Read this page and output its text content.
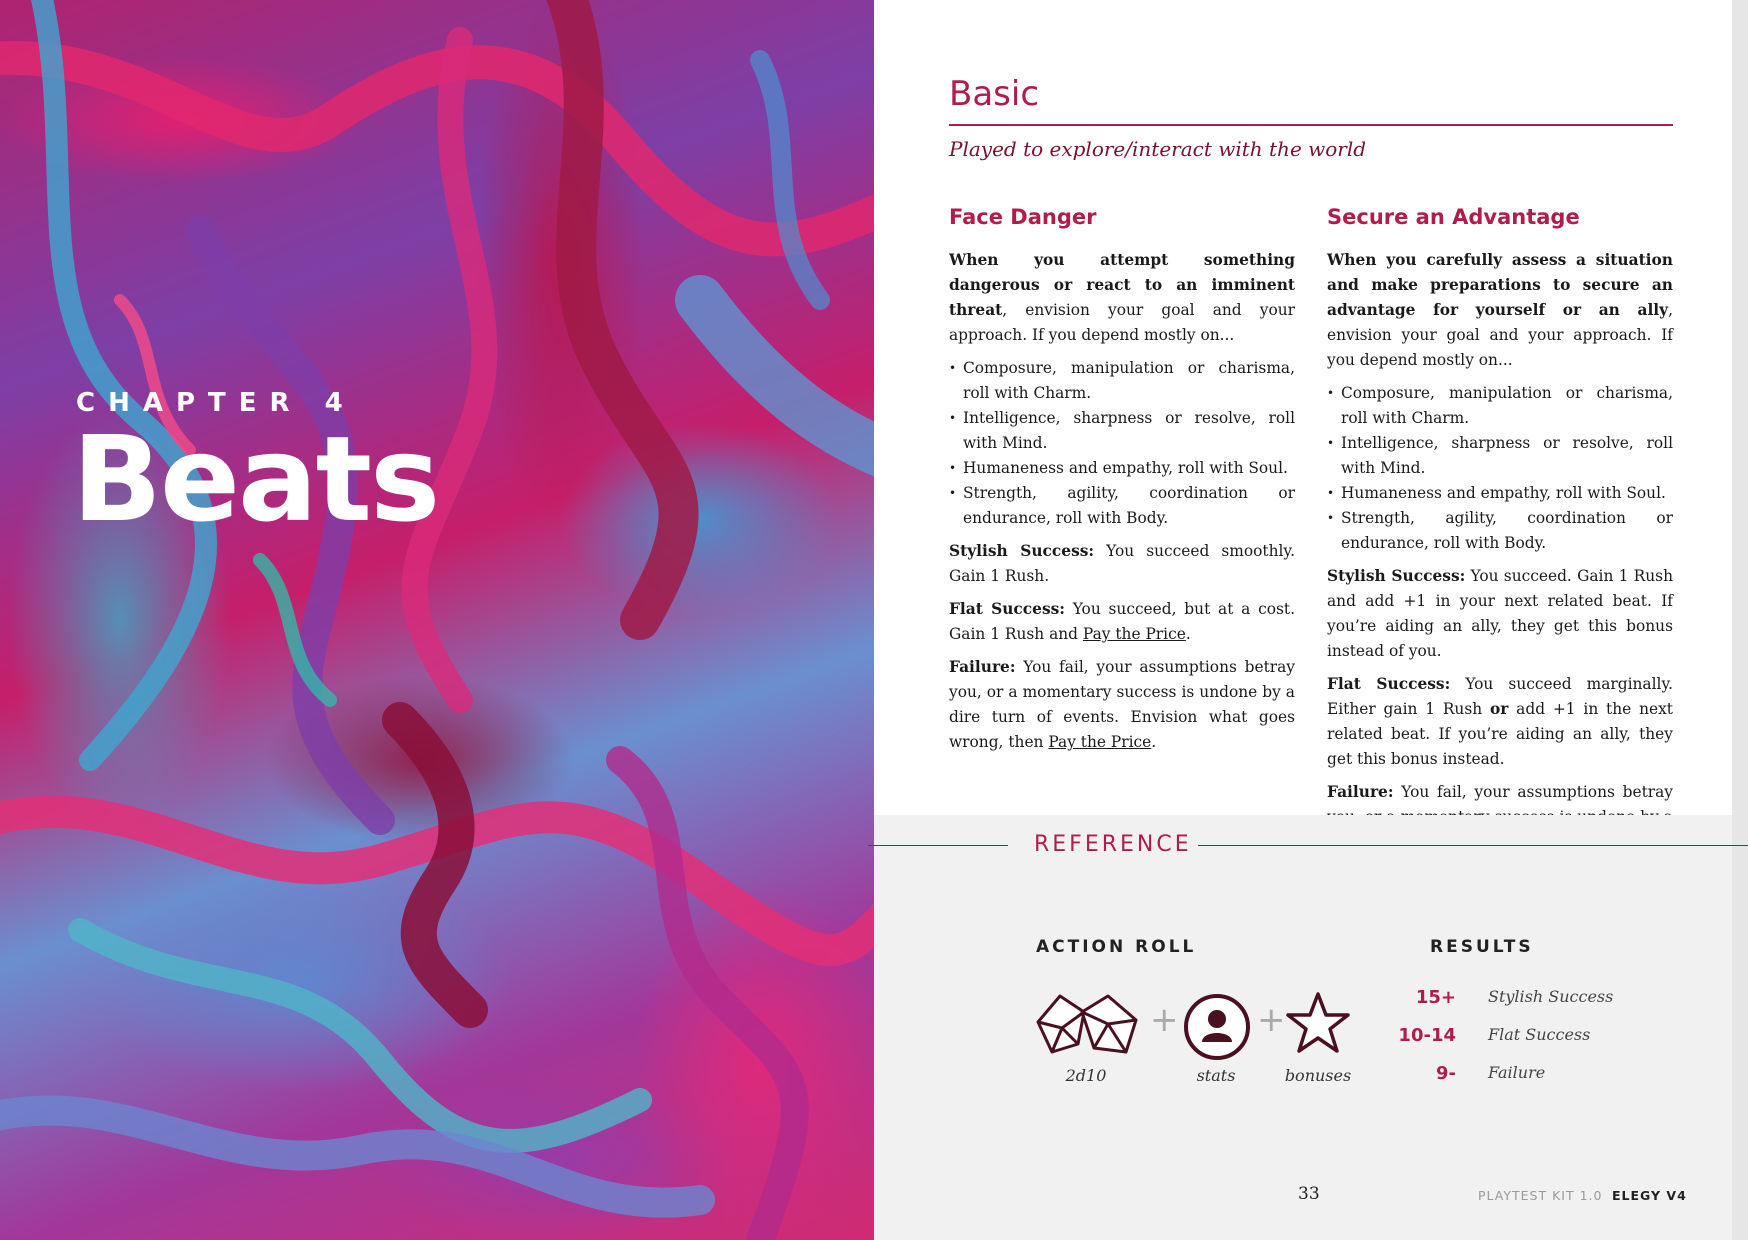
CHAPTER 4
Beats
Basic
Played to explore/interact with the world
Face Danger

When you attempt something dangerous or react to an imminent threat, envision your goal and your approach. If you depend mostly on...

• Composure, manipulation or charisma, roll with Charm.
• Intelligence, sharpness or resolve, roll with Mind.
• Humaneness and empathy, roll with Soul.
• Strength, agility, coordination or endurance, roll with Body.

Stylish Success: You succeed smoothly. Gain 1 Rush.

Flat Success: You succeed, but at a cost. Gain 1 Rush and Pay the Price.

Failure: You fail, your assumptions betray you, or a momentary success is undone by a dire turn of events. Envision what goes wrong, then Pay the Price.

Secure an Advantage

When you carefully assess a situation and make preparations to secure an advantage for yourself or an ally, envision your goal and your approach. If you depend mostly on...

• Composure, manipulation or charisma, roll with Charm.
• Intelligence, sharpness or resolve, roll with Mind.
• Humaneness and empathy, roll with Soul.
• Strength, agility, coordination or endurance, roll with Body.

Stylish Success: You succeed. Gain 1 Rush and add +1 in your next related beat. If you’re aiding an ally, they get this bonus instead of you.

Flat Success: You succeed marginally. Either gain 1 Rush or add +1 in the next related beat. If you’re aiding an ally, they get this bonus instead.

Failure: You fail, your assumptions betray

REFERENCE
ACTION ROLL	RESULTS
+ +
2d10	stats	bonuses
15+ Stylish Success
10-14 Flat Success
9- Failure
33	PLAYTEST KIT 1.0 ELEGY V4
